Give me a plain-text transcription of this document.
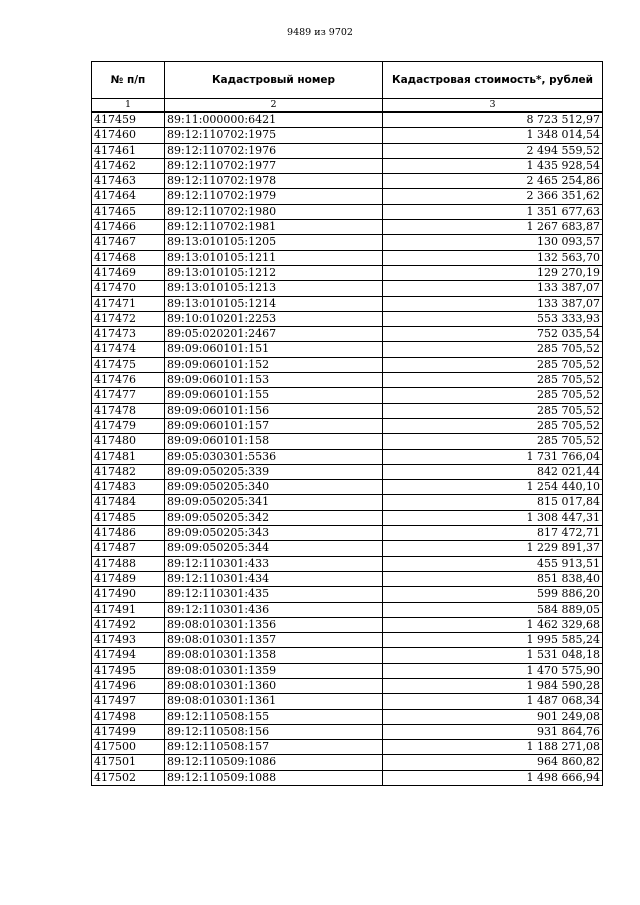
9489 из 9702
№ п/п	Кадастровый номер	Кадастровая стоимость*, рублей
1	2	3
417459	89:11:000000:6421	8 723 512,97
417460	89:12:110702:1975	1 348 014,54
417461	89:12:110702:1976	2 494 559,52
417462	89:12:110702:1977	1 435 928,54
417463	89:12:110702:1978	2 465 254,86
417464	89:12:110702:1979	2 366 351,62
417465	89:12:110702:1980	1 351 677,63
417466	89:12:110702:1981	1 267 683,87
417467	89:13:010105:1205	130 093,57
417468	89:13:010105:1211	132 563,70
417469	89:13:010105:1212	129 270,19
417470	89:13:010105:1213	133 387,07
417471	89:13:010105:1214	133 387,07
417472	89:10:010201:2253	553 333,93
417473	89:05:020201:2467	752 035,54
417474	89:09:060101:151	285 705,52
417475	89:09:060101:152	285 705,52
417476	89:09:060101:153	285 705,52
417477	89:09:060101:155	285 705,52
417478	89:09:060101:156	285 705,52
417479	89:09:060101:157	285 705,52
417480	89:09:060101:158	285 705,52
417481	89:05:030301:5536	1 731 766,04
417482	89:09:050205:339	842 021,44
417483	89:09:050205:340	1 254 440,10
417484	89:09:050205:341	815 017,84
417485	89:09:050205:342	1 308 447,31
417486	89:09:050205:343	817 472,71
417487	89:09:050205:344	1 229 891,37
417488	89:12:110301:433	455 913,51
417489	89:12:110301:434	851 838,40
417490	89:12:110301:435	599 886,20
417491	89:12:110301:436	584 889,05
417492	89:08:010301:1356	1 462 329,68
417493	89:08:010301:1357	1 995 585,24
417494	89:08:010301:1358	1 531 048,18
417495	89:08:010301:1359	1 470 575,90
417496	89:08:010301:1360	1 984 590,28
417497	89:08:010301:1361	1 487 068,34
417498	89:12:110508:155	901 249,08
417499	89:12:110508:156	931 864,76
417500	89:12:110508:157	1 188 271,08
417501	89:12:110509:1086	964 860,82
417502	89:12:110509:1088	1 498 666,94
